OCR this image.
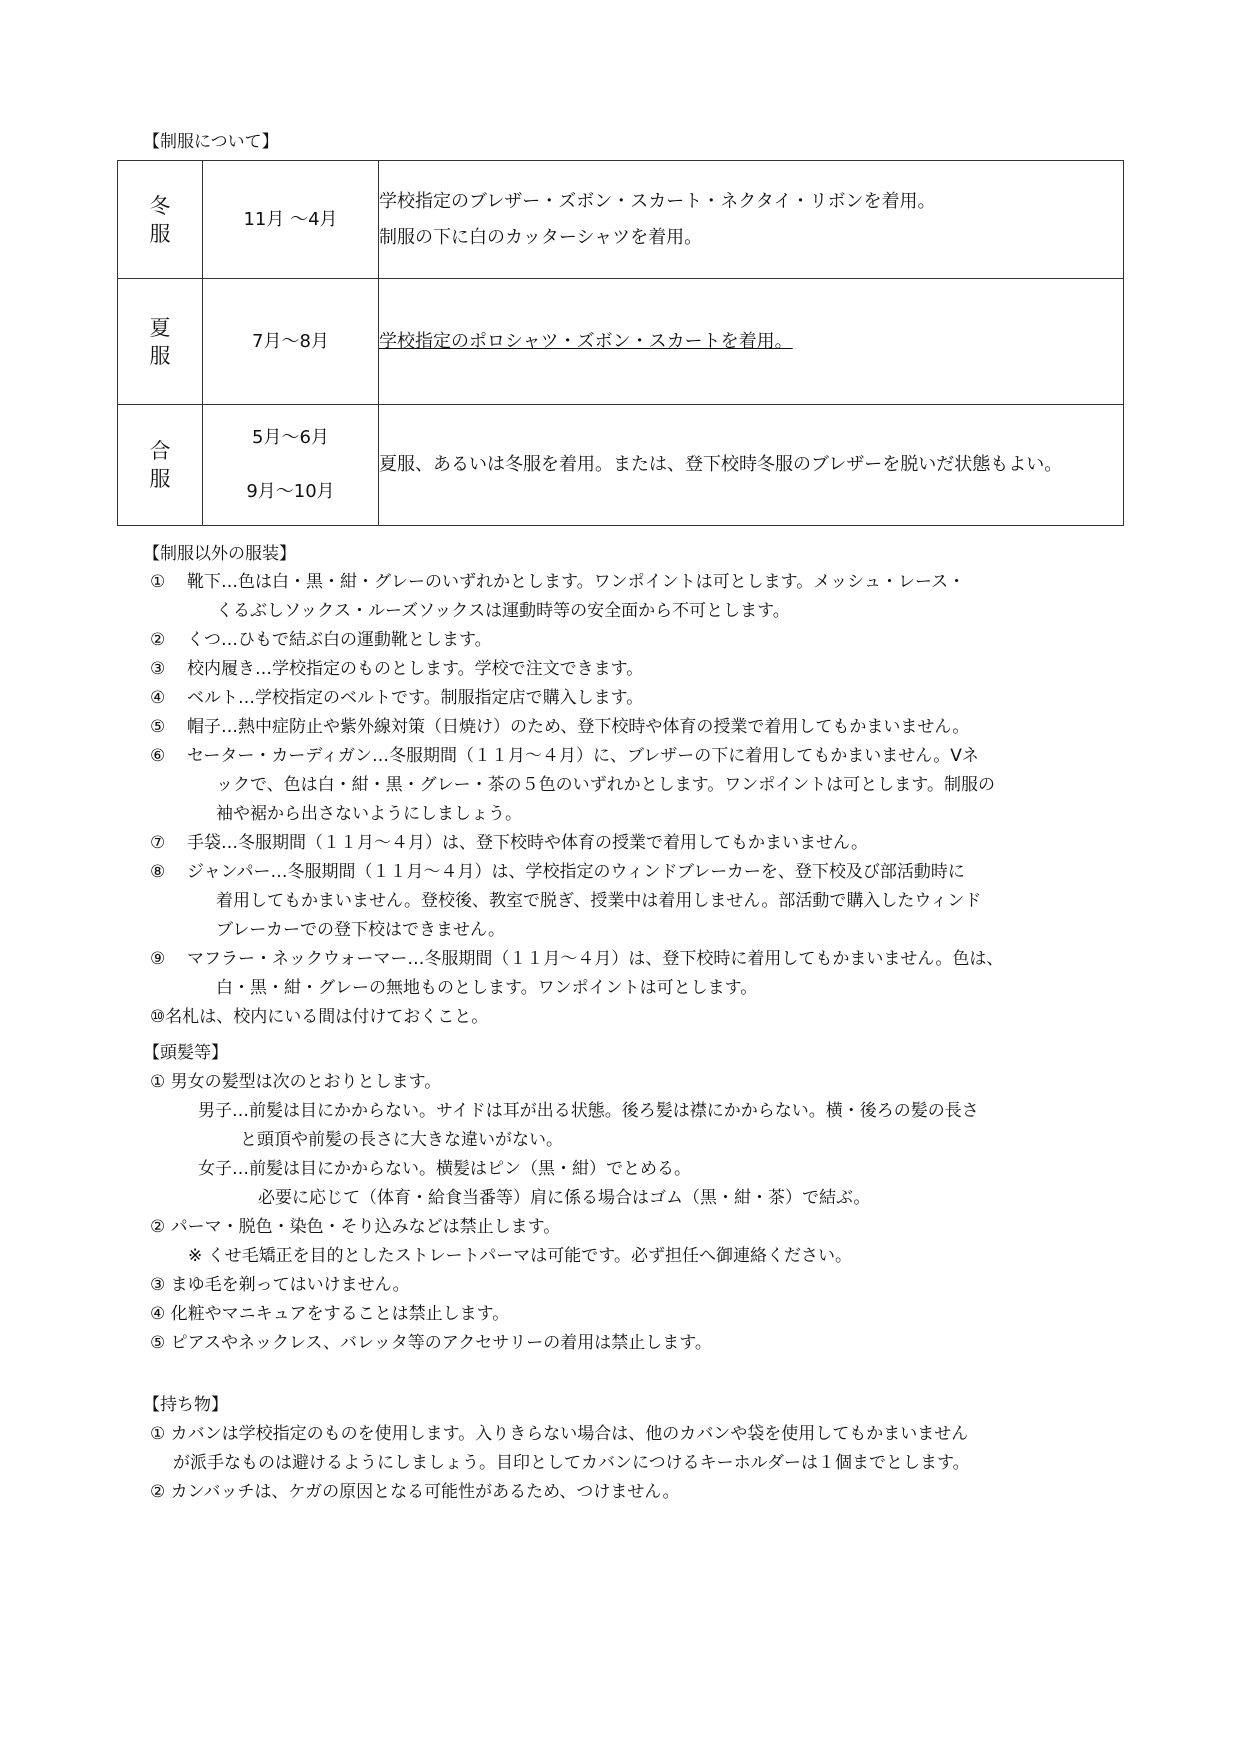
【制服について】
冬服	11月 ～4月	学校指定のブレザー・ズボン・スカート・ネクタイ・リボンを着用。
制服の下に白のカッターシャツを着用。

夏服	7月～8月	学校指定のポロシャツ・ズボン・スカートを着用。

合服	5月～6月
9月～10月	夏服、あるいは冬服を着用。または、登下校時冬服のブレザーを脱いだ状態もよい。
【制服以外の服装】
① 靴下…色は白・黒・紺・グレーのいずれかとします。ワンポイントは可とします。メッシュ・レース・
くるぶしソックス・ルーズソックスは運動時等の安全面から不可とします。
② くつ…ひもで結ぶ白の運動靴とします。
③ 校内履き…学校指定のものとします。学校で注文できます。
④ ベルト…学校指定のベルトです。制服指定店で購入します。
⑤ 帽子…熱中症防止や紫外線対策（日焼け）のため、登下校時や体育の授業で着用してもかまいません。
⑥ セーター・カーディガン…冬服期間（１１月～４月）に、ブレザーの下に着用してもかまいません。Vネ
ックで、色は白・紺・黒・グレー・茶の５色のいずれかとします。ワンポイントは可とします。制服の
袖や裾から出さないようにしましょう。
⑦ 手袋…冬服期間（１１月～４月）は、登下校時や体育の授業で着用してもかまいません。
⑧ ジャンパー…冬服期間（１１月～４月）は、学校指定のウィンドブレーカーを、登下校及び部活動時に
着用してもかまいません。登校後、教室で脱ぎ、授業中は着用しません。部活動で購入したウィンド
ブレーカーでの登下校はできません。
⑨ マフラー・ネックウォーマー…冬服期間（１１月～４月）は、登下校時に着用してもかまいません。色は、
白・黒・紺・グレーの無地ものとします。ワンポイントは可とします。
⑩名札は、校内にいる間は付けておくこと。
【頭髪等】
① 男女の髪型は次のとおりとします。
男子…前髪は目にかからない。サイドは耳が出る状態。後ろ髪は襟にかからない。横・後ろの髪の長さ
と頭頂や前髪の長さに大きな違いがない。
女子…前髪は目にかからない。横髪はピン（黒・紺）でとめる。
必要に応じて（体育・給食当番等）肩に係る場合はゴム（黒・紺・茶）で結ぶ。
② パーマ・脱色・染色・そり込みなどは禁止します。
※ くせ毛矯正を目的としたストレートパーマは可能です。必ず担任へ御連絡ください。
③ まゆ毛を剃ってはいけません。
④ 化粧やマニキュアをすることは禁止します。
⑤ ピアスやネックレス、バレッタ等のアクセサリーの着用は禁止します。
【持ち物】
① カバンは学校指定のものを使用します。入りきらない場合は、他のカバンや袋を使用してもかまいません
が派手なものは避けるようにしましょう。目印としてカバンにつけるキーホルダーは１個までとします。
② カンバッチは、ケガの原因となる可能性があるため、つけません。
